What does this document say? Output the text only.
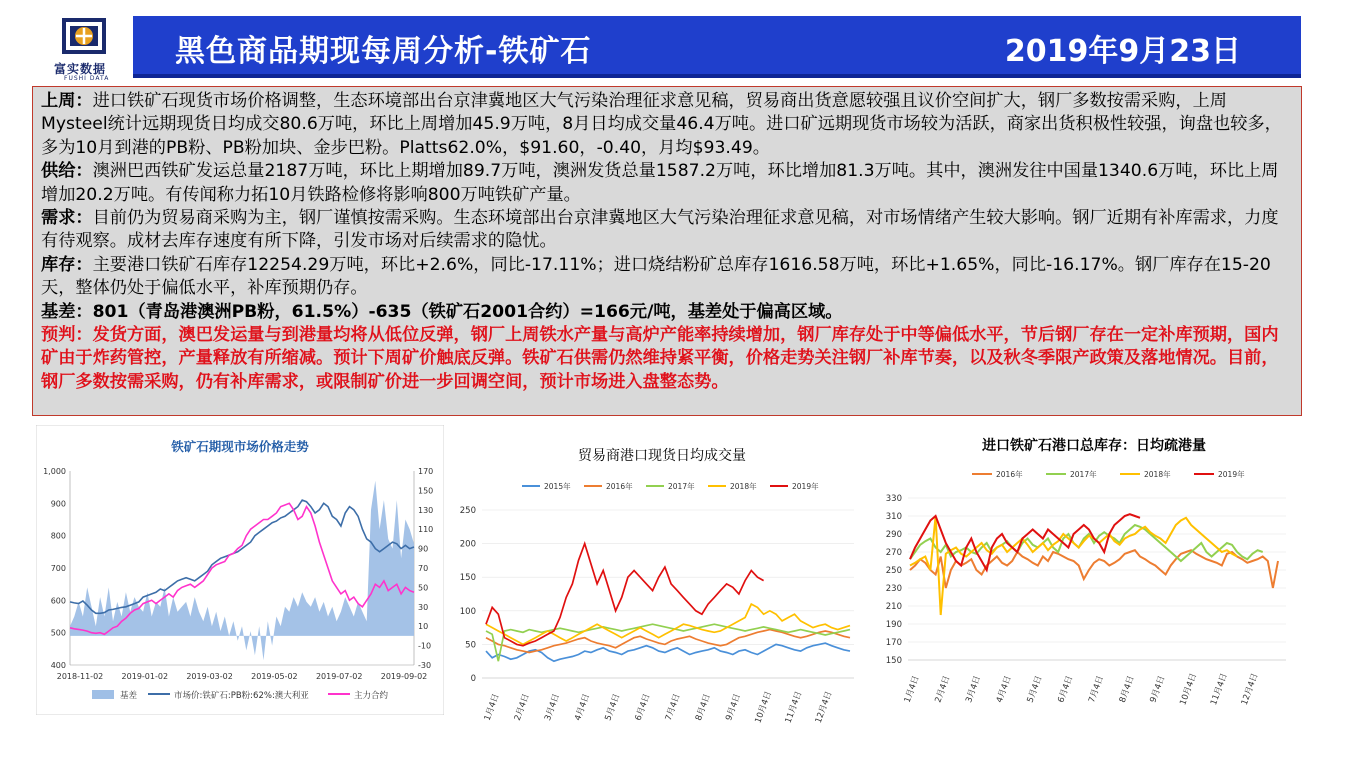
富实数据
FUSHI DATA
黑色商品期现每周分析-铁矿石	2019年9月23日

上周：进口铁矿石现货市场价格调整，生态环境部出台京津冀地区大气污染治理征求意见稿，贸易商出货意愿较强且议价空间扩大，钢厂多数按需采购，上周Mysteel统计远期现货日均成交80.6万吨，环比上周增加45.9万吨，8月日均成交量46.4万吨。进口矿远期现货市场较为活跃，商家出货积极性较强，询盘也较多，多为10月到港的PB粉、PB粉加块、金步巴粉。Platts62.0%，$91.60，-0.40，月均$93.49。

供给：澳洲巴西铁矿发运总量2187万吨，环比上期增加89.7万吨，澳洲发货总量1587.2万吨，环比增加81.3万吨。其中，澳洲发往中国量1340.6万吨，环比上周增加20.2万吨。有传闻称力拓10月铁路检修将影响800万吨铁矿产量。

需求：目前仍为贸易商采购为主，钢厂谨慎按需采购。生态环境部出台京津冀地区大气污染治理征求意见稿，对市场情绪产生较大影响。钢厂近期有补库需求，力度有待观察。成材去库存速度有所下降，引发市场对后续需求的隐忧。

库存：主要港口铁矿石库存12254.29万吨，环比+2.6%，同比-17.11%；进口烧结粉矿总库存1616.58万吨，环比+1.65%，同比-16.17%。钢厂库存在15-20天，整体仍处于偏低水平，补库预期仍存。

基差：801（青岛港澳洲PB粉，61.5%）-635（铁矿石2001合约）=166元/吨，基差处于偏高区域。

预判：发货方面，澳巴发运量与到港量均将从低位反弹，钢厂上周铁水产量与高炉产能率持续增加，钢厂库存处于中等偏低水平，节后钢厂存在一定补库预期，国内矿由于炸药管控，产量释放有所缩减。预计下周矿价触底反弹。铁矿石供需仍然维持紧平衡，价格走势关注钢厂补库节奏，以及秋冬季限产政策及落地情况。目前，钢厂多数按需采购，仍有补库需求，或限制矿价进一步回调空间，预计市场进入盘整态势。

铁矿石期现市场价格走势
1,000
900
800
700
600
500
400
170
150
130
110
90
70
50
30
10
-10
-30
2018-11-02 2019-01-02 2019-03-02 2019-05-02 2019-07-02 2019-09-02
基差	市场价:铁矿石:PB粉:62%:澳大利亚	主力合约
贸易商港口现货日均成交量
250
200
150
100
50
0
1月4日 2月4日 3月4日 4月4日 5月4日 6月4日 7月4日 8月4日 9月4日 10月4日 11月4日 12月4日
2015年	2016年	2017年	2018年	2019年
进口铁矿石港口总库存：日均疏港量
330
310
290
270
250
230
210
190
170
150
1月4日 2月4日 3月4日 4月4日 5月4日 6月4日 7月4日 8月4日 9月4日 10月4日 11月4日 12月4日
2016年	2017年	2018年	2019年
